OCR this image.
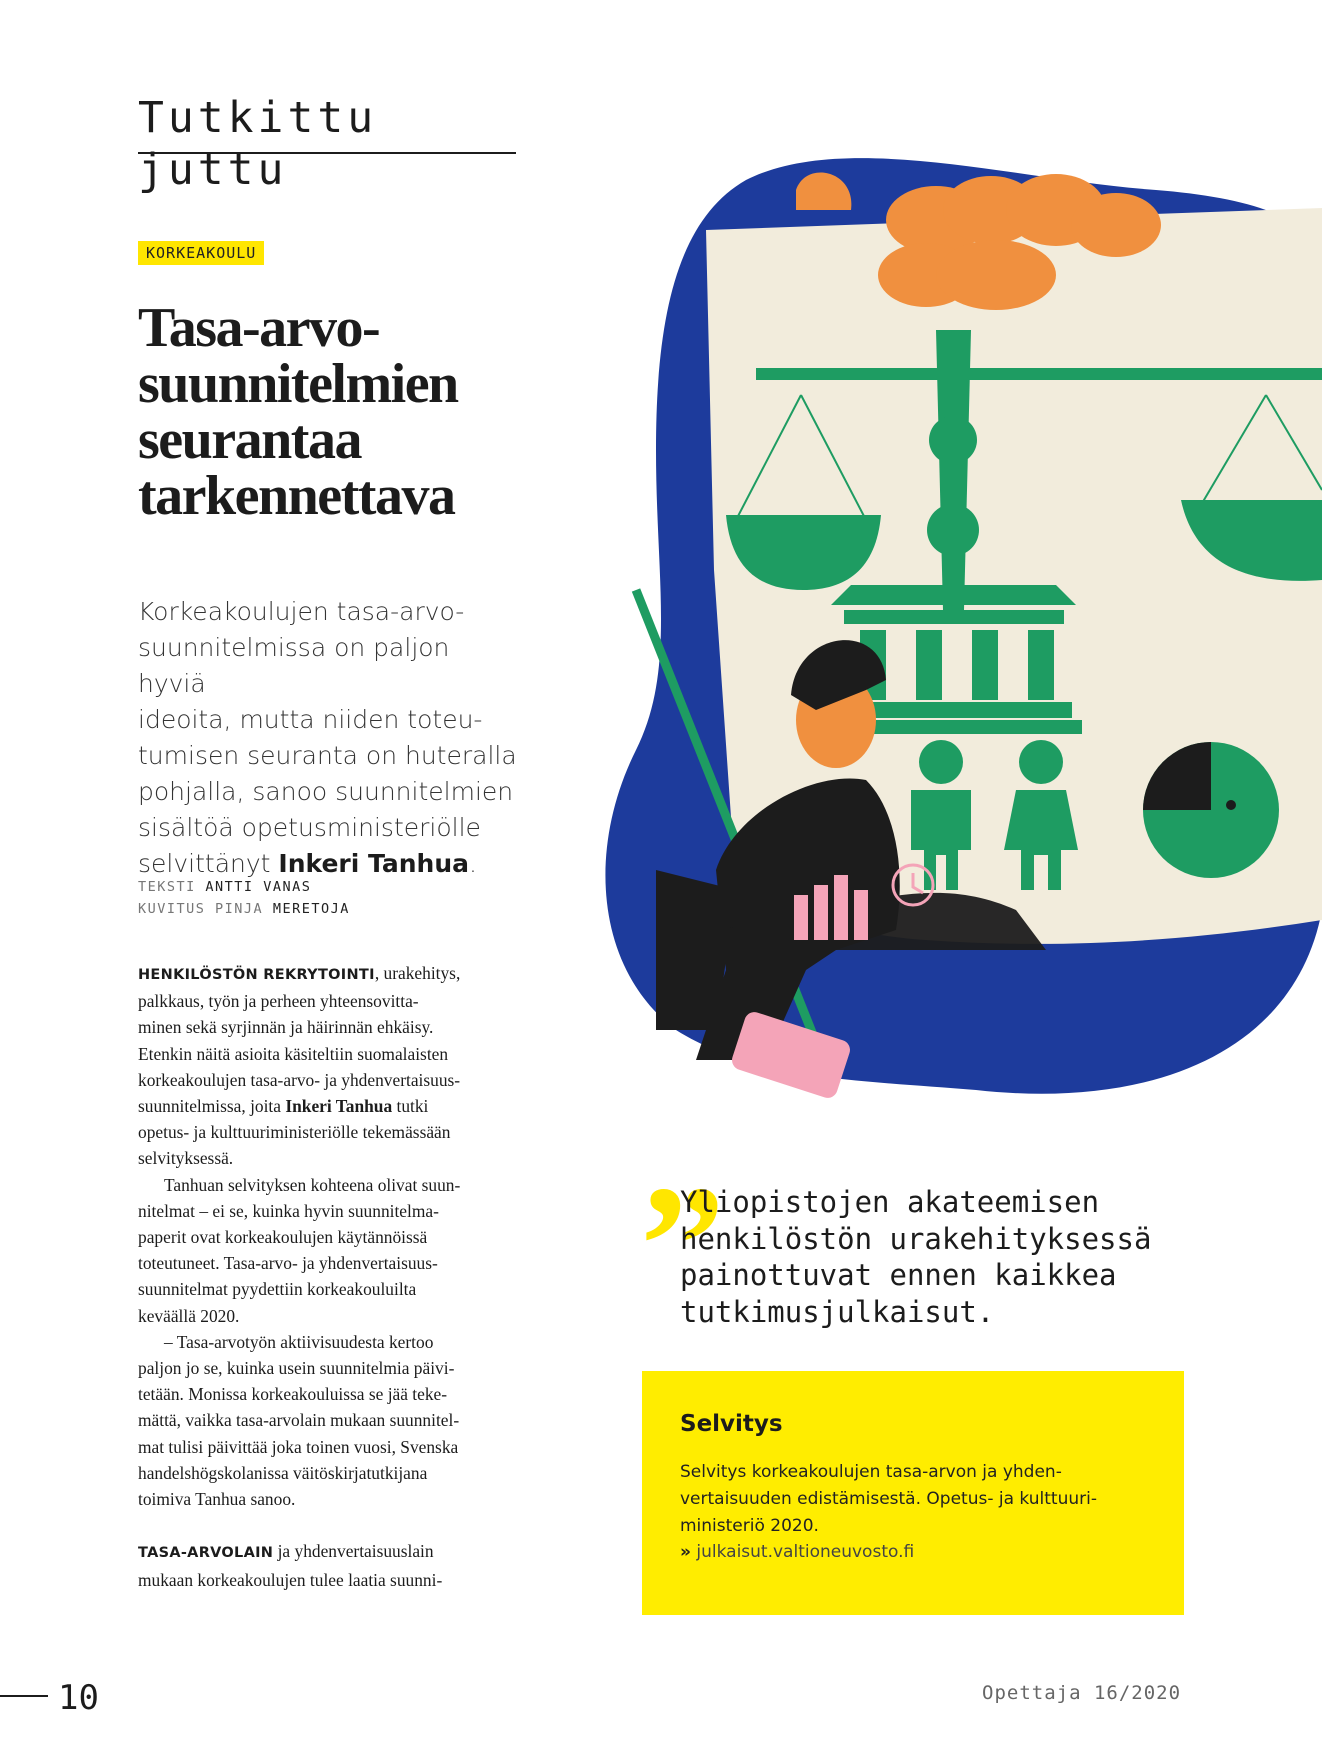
Tutkittu juttu
KORKEAKOULU
Tasa-arvo-
suunnitelmien
seurantaa
tarkennettava

Korkeakoulujen tasa-arvo-
suunnitelmissa on paljon hyviä
ideoita, mutta niiden toteu-
tumisen seuranta on huteralla
pohjalla, sanoo suunnitelmien
sisältöä opetusministeriölle
selvittänyt Inkeri Tanhua.

TEKSTI ANTTI VANAS
KUVITUS PINJA MERETOJA
HENKILÖSTÖN REKRYTOINTI, urakehitys,
palkkaus, työn ja perheen yhteensovitta-
minen sekä syrjinnän ja häirinnän ehkäisy.
Etenkin näitä asioita käsiteltiin suomalaisten
korkeakoulujen tasa-arvo- ja yhdenvertaisuus-
suunnitelmissa, joita Inkeri Tanhua tutki
opetus- ja kulttuuriministeriölle tekemässään
selvityksessä.
Tanhuan selvityksen kohteena olivat suun-
nitelmat – ei se, kuinka hyvin suunnitelma-
paperit ovat korkeakoulujen käytännöissä
toteutuneet. Tasa-arvo- ja yhdenvertaisuus-
suunnitelmat pyydettiin korkeakouluilta
keväällä 2020.
– Tasa-arvotyön aktiivisuudesta kertoo
paljon jo se, kuinka usein suunnitelmia päivi-
tetään. Monissa korkeakouluissa se jää teke-
mättä, vaikka tasa-arvolain mukaan suunnitel-
mat tulisi päivittää joka toinen vuosi, Svenska
handelshögskolanissa väitöskirjatutkijana
toimiva Tanhua sanoo.

TASA-ARVOLAIN ja yhdenvertaisuuslain
mukaan korkeakoulujen tulee laatia suunni-
”
Yliopistojen akateemisen
henkilöstön urakehityksessä
painottuvat ennen kaikkea
tutkimusjulkaisut.
Selvitys
Selvitys korkeakoulujen tasa-arvon ja yhden-
vertaisuuden edistämisestä. Opetus- ja kulttuuri-
ministeriö 2020.
» julkaisut.valtioneuvosto.fi
10	Opettaja 16/2020
